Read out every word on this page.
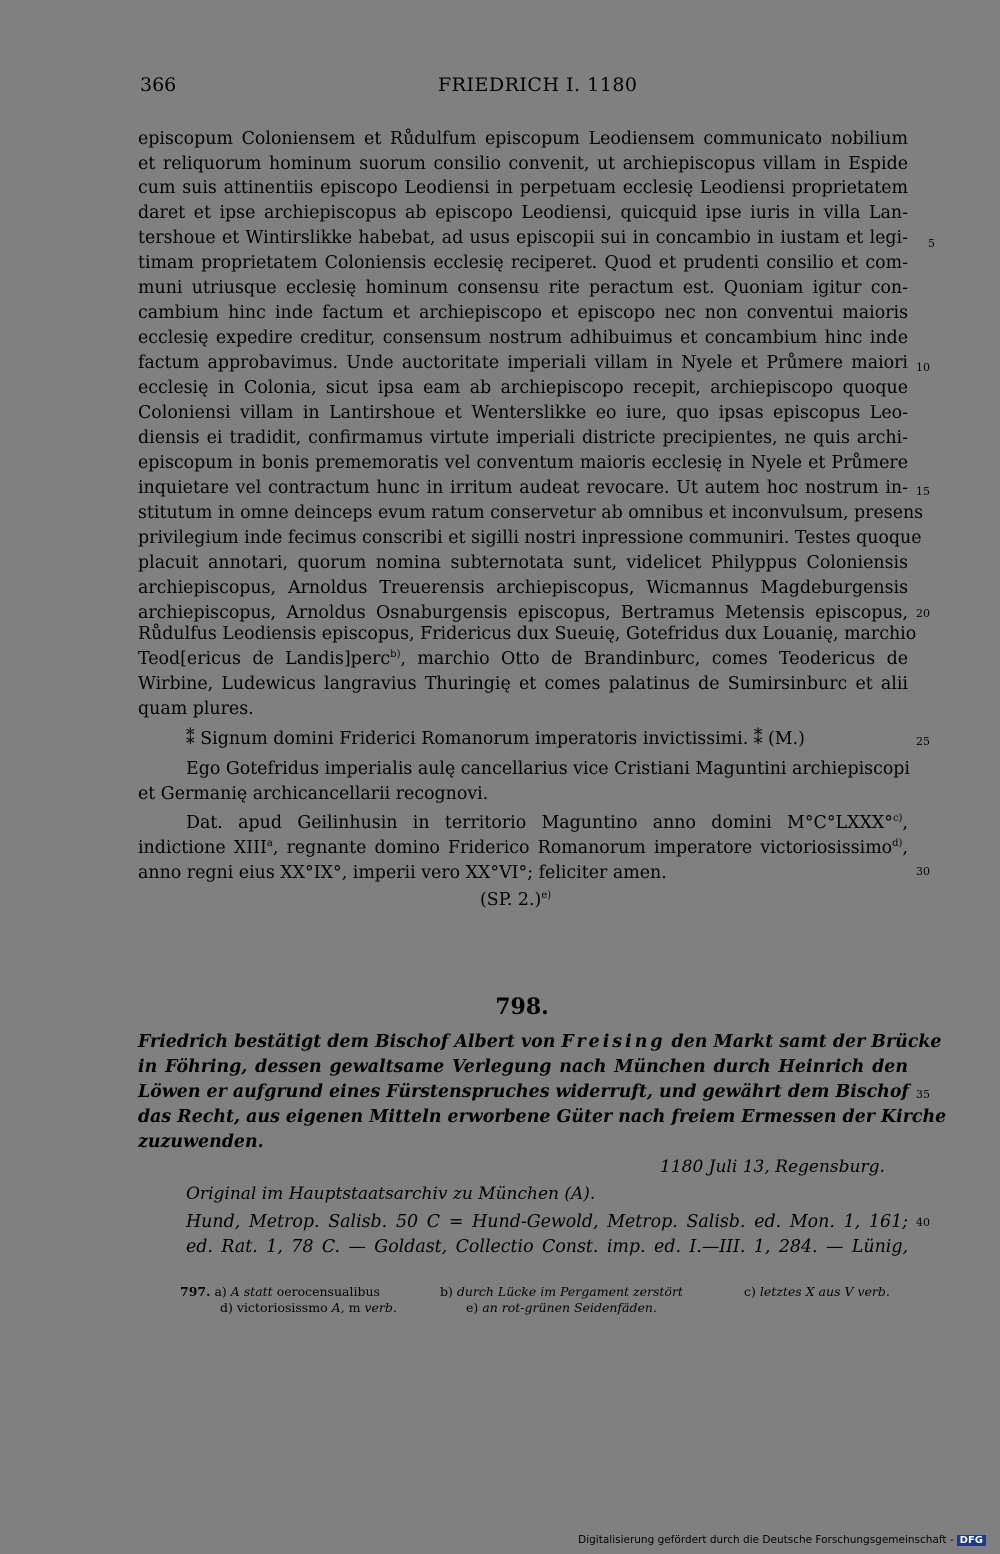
366	FRIEDRICH I. 1180
episcopum Coloniensem et Růdulfum episcopum Leodiensem communicato nobilium
et reliquorum hominum suorum consilio convenit, ut archiepiscopus villam in Espide
cum suis attinentiis episcopo Leodiensi in perpetuam ecclesię Leodiensi proprietatem
daret et ipse archiepiscopus ab episcopo Leodiensi, quicquid ipse iuris in villa Lan-
tershoue et Wintirslikke habebat, ad usus episcopii sui in concambio in iustam et legi-
timam proprietatem Coloniensis ecclesię reciperet. Quod et prudenti consilio et com-
muni utriusque ecclesię hominum consensu rite peractum est. Quoniam igitur con-
cambium hinc inde factum et archiepiscopo et episcopo nec non conventui maioris
ecclesię expedire creditur, consensum nostrum adhibuimus et concambium hinc inde
factum approbavimus. Unde auctoritate imperiali villam in Nyele et Průmere maiori
ecclesię in Colonia, sicut ipsa eam ab archiepiscopo recepit, archiepiscopo quoque
Coloniensi villam in Lantirshoue et Wenterslikke eo iure, quo ipsas episcopus Leo-
diensis ei tradidit, confirmamus virtute imperiali districte precipientes, ne quis archi-
episcopum in bonis prememoratis vel conventum maioris ecclesię in Nyele et Průmere
inquietare vel contractum hunc in irritum audeat revocare. Ut autem hoc nostrum in-
stitutum in omne deinceps evum ratum conservetur ab omnibus et inconvulsum, presens
privilegium inde fecimus conscribi et sigilli nostri inpressione communiri. Testes quoque
placuit annotari, quorum nomina subternotata sunt, videlicet Philyppus Coloniensis
archiepiscopus, Arnoldus Treuerensis archiepiscopus, Wicmannus Magdeburgensis
archiepiscopus, Arnoldus Osnaburgensis episcopus, Bertramus Metensis episcopus,
Růdulfus Leodiensis episcopus, Fridericus dux Sueuię, Gotefridus dux Louanię, marchio
Teod[ericus de Landis]perc$^{b)}$, marchio Otto de Brandinburc, comes Teodericus de
Wirbine, Ludewicus langravius Thuringię et comes palatinus de Sumirsinburc et alii
quam plures.
⁑ Signum domini Friderici Romanorum imperatoris invictissimi. ⁑ (M.)
Ego Gotefridus imperialis aulę cancellarius vice Cristiani Maguntini archiepiscopi
et Germanię archicancellarii recognovi.
Dat. apud Geilinhusin in territorio Maguntino anno domini M°C°LXXX°$^{c)}$,
indictione XIII$^a$, regnante domino Friderico Romanorum imperatore victoriosissimo$^{d)}$,
anno regni eius XX°IX°, imperii vero XX°VI°; feliciter amen.
(SP. 2.)$^{e)}$
5
10
15
20
25
30
35
40
798.
Friedrich bestätigt dem Bischof Albert von Freising den Markt samt der Brücke
in Föhring, dessen gewaltsame Verlegung nach München durch Heinrich den
Löwen er aufgrund eines Fürstenspruches widerruft, und gewährt dem Bischof
das Recht, aus eigenen Mitteln erworbene Güter nach freiem Ermessen der Kirche
zuzuwenden.
1180 Juli 13, Regensburg.
Original im Hauptstaatsarchiv zu München (A).
Hund, Metrop. Salisb. 50 C = Hund-Gewold, Metrop. Salisb. ed. Mon. 1, 161;
ed. Rat. 1, 78 C. — Goldast, Collectio Const. imp. ed. I.—III. 1, 284. — Lünig,
797. a) A statt oerocensualibus	b) durch Lücke im Pergament zerstört	c) letztes X aus V verb.
d) victoriosissmo A, m verb.	e) an rot-grünen Seidenfäden.
Digitalisierung gefördert durch die Deutsche Forschungsgemeinschaft - DFG
